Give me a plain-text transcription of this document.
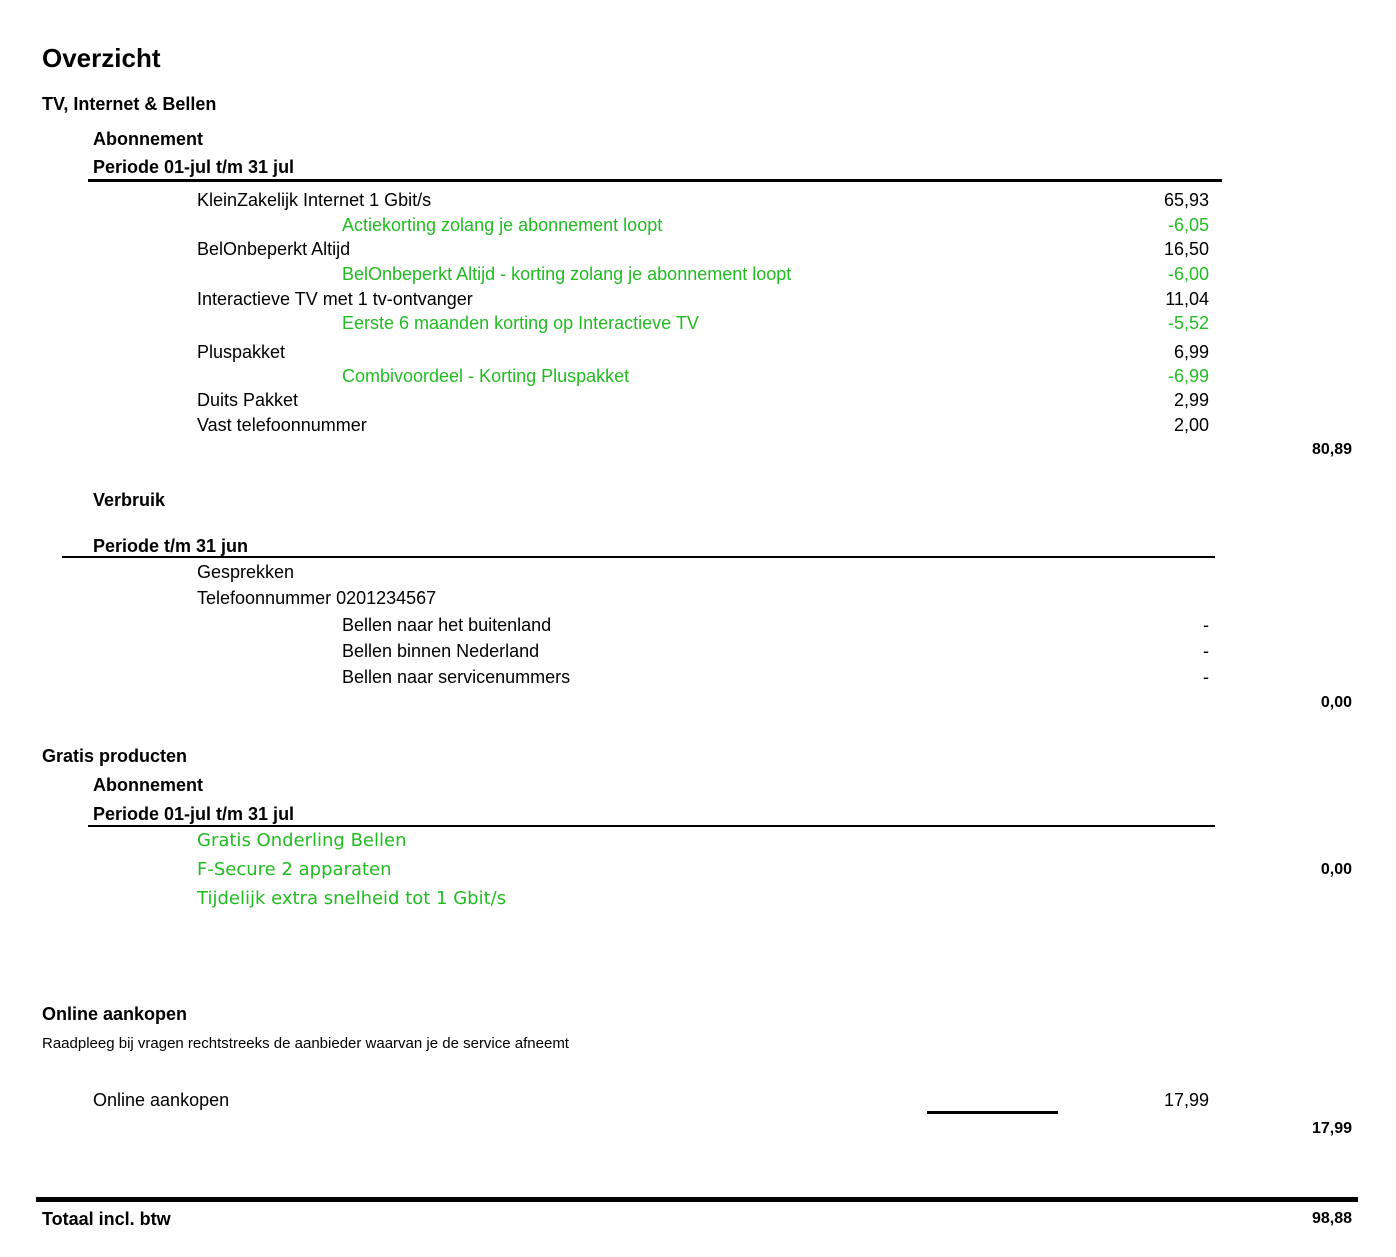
Overzicht
TV, Internet & Bellen
Abonnement
Periode 01-jul t/m 31 jul
KleinZakelijk Internet 1 Gbit/s	65,93
Actiekorting zolang je abonnement loopt	-6,05
BelOnbeperkt Altijd	16,50
BelOnbeperkt Altijd - korting zolang je abonnement loopt	-6,00
Interactieve TV met 1 tv-ontvanger	11,04
Eerste 6 maanden korting op Interactieve TV	-5,52
Pluspakket	6,99
Combivoordeel - Korting Pluspakket	-6,99
Duits Pakket	2,99
Vast telefoonnummer	2,00
80,89
Verbruik
Periode t/m 31 jun
Gesprekken
Telefoonnummer 0201234567
Bellen naar het buitenland	-
Bellen binnen Nederland	-
Bellen naar servicenummers	-
0,00
Gratis producten
Abonnement
Periode 01-jul t/m 31 jul
Gratis Onderling Bellen
F-Secure 2 apparaten
Tijdelijk extra snelheid tot 1 Gbit/s
0,00
Online aankopen
Raadpleeg bij vragen rechtstreeks de aanbieder waarvan je de service afneemt
Online aankopen	17,99
17,99
Totaal incl. btw	98,88
